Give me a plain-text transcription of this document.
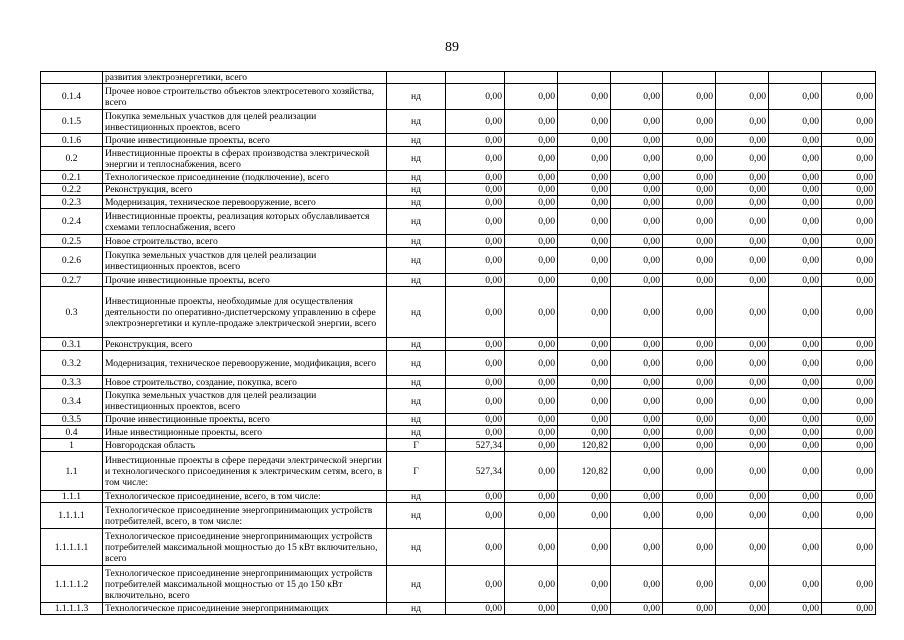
89
	развития электроэнергетики, всего									
0.1.4	Прочее новое строительство объектов электросетевого хозяйства, всего	нд	0,00	0,00	0,00	0,00	0,00	0,00	0,00	0,00
0.1.5	Покупка земельных участков для целей реализации инвестиционных проектов, всего	нд	0,00	0,00	0,00	0,00	0,00	0,00	0,00	0,00
0.1.6	Прочие инвестиционные проекты, всего	нд	0,00	0,00	0,00	0,00	0,00	0,00	0,00	0,00
0.2	Инвестиционные проекты в сферах производства электрической энергии и теплоснабжения, всего	нд	0,00	0,00	0,00	0,00	0,00	0,00	0,00	0,00
0.2.1	Технологическое присоединение (подключение), всего	нд	0,00	0,00	0,00	0,00	0,00	0,00	0,00	0,00
0.2.2	Реконструкция, всего	нд	0,00	0,00	0,00	0,00	0,00	0,00	0,00	0,00
0.2.3	Модернизация, техническое перевооружение, всего	нд	0,00	0,00	0,00	0,00	0,00	0,00	0,00	0,00
0.2.4	Инвестиционные проекты, реализация которых обуславливается схемами теплоснабжения, всего	нд	0,00	0,00	0,00	0,00	0,00	0,00	0,00	0,00
0.2.5	Новое строительство, всего	нд	0,00	0,00	0,00	0,00	0,00	0,00	0,00	0,00
0.2.6	Покупка земельных участков для целей реализации инвестиционных проектов, всего	нд	0,00	0,00	0,00	0,00	0,00	0,00	0,00	0,00
0.2.7	Прочие инвестиционные проекты, всего	нд	0,00	0,00	0,00	0,00	0,00	0,00	0,00	0,00
0.3	Инвестиционные проекты, необходимые для осуществления деятельности по оперативно-диспетчерскому управлению в сфере электроэнергетики и купле-продаже электрической энергии, всего	нд	0,00	0,00	0,00	0,00	0,00	0,00	0,00	0,00
0.3.1	Реконструкция, всего	нд	0,00	0,00	0,00	0,00	0,00	0,00	0,00	0,00
0.3.2	Модернизация, техническое перевооружение, модификация, всего	нд	0,00	0,00	0,00	0,00	0,00	0,00	0,00	0,00
0.3.3	Новое строительство, создание, покупка, всего	нд	0,00	0,00	0,00	0,00	0,00	0,00	0,00	0,00
0.3.4	Покупка земельных участков для целей реализации инвестиционных проектов, всего	нд	0,00	0,00	0,00	0,00	0,00	0,00	0,00	0,00
0.3.5	Прочие инвестиционные проекты, всего	нд	0,00	0,00	0,00	0,00	0,00	0,00	0,00	0,00
0.4	Иные инвестиционные проекты, всего	нд	0,00	0,00	0,00	0,00	0,00	0,00	0,00	0,00
1	Новгородская область	Г	527,34	0,00	120,82	0,00	0,00	0,00	0,00	0,00
1.1	Инвестиционные проекты в сфере передачи электрической энергии и технологического присоединения к электрическим сетям, всего, в том числе:	Г	527,34	0,00	120,82	0,00	0,00	0,00	0,00	0,00
1.1.1	Технологическое присоединение, всего, в том числе:	нд	0,00	0,00	0,00	0,00	0,00	0,00	0,00	0,00
1.1.1.1	Технологическое присоединение энергопринимающих устройств потребителей, всего, в том числе:	нд	0,00	0,00	0,00	0,00	0,00	0,00	0,00	0,00
1.1.1.1.1	Технологическое присоединение энергопринимающих устройств потребителей максимальной мощностью до 15 кВт включительно, всего	нд	0,00	0,00	0,00	0,00	0,00	0,00	0,00	0,00
1.1.1.1.2	Технологическое присоединение энергопринимающих устройств потребителей максимальной мощностью от 15 до 150 кВт включительно, всего	нд	0,00	0,00	0,00	0,00	0,00	0,00	0,00	0,00
1.1.1.1.3	Технологическое присоединение энергопринимающих	нд	0,00	0,00	0,00	0,00	0,00	0,00	0,00	0,00
